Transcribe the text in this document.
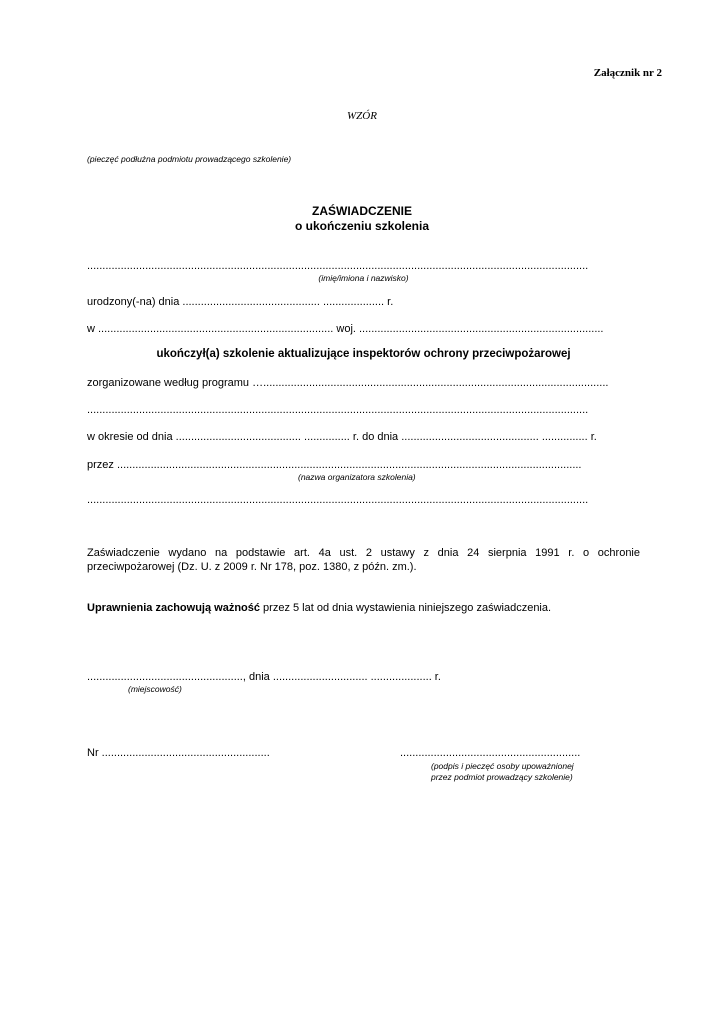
Załącznik nr 2
WZÓR
(pieczęć podłużna podmiotu prowadzącego szkolenie)
ZAŚWIADCZENIE
o ukończeniu szkolenia
....................................................................................................................................................................
(imię/imiona i nazwisko)
urodzony(-na) dnia ............................................. .................... r.
w ............................................................................. woj. ................................................................................
ukończył(a) szkolenie aktualizujące inspektorów ochrony przeciwpożarowej
zorganizowane według programu ….................................................................................................................
....................................................................................................................................................................
w okresie od dnia ......................................... ............... r. do dnia ............................................. ............... r.
przez ........................................................................................................................................................
(nazwa organizatora szkolenia)
....................................................................................................................................................................
Zaświadczenie wydano na podstawie art. 4a ust. 2 ustawy z dnia 24 sierpnia 1991 r. o ochronie przeciwpożarowej (Dz. U. z 2009 r. Nr 178, poz. 1380, z późn. zm.).
Uprawnienia zachowują ważność przez 5 lat od dnia wystawienia niniejszego zaświadczenia.
..................................................., dnia ............................... .................... r.
(miejscowość)
Nr .......................................................	...........................................................
(podpis i pieczęć osoby upoważnionej
przez podmiot prowadzący szkolenie)
